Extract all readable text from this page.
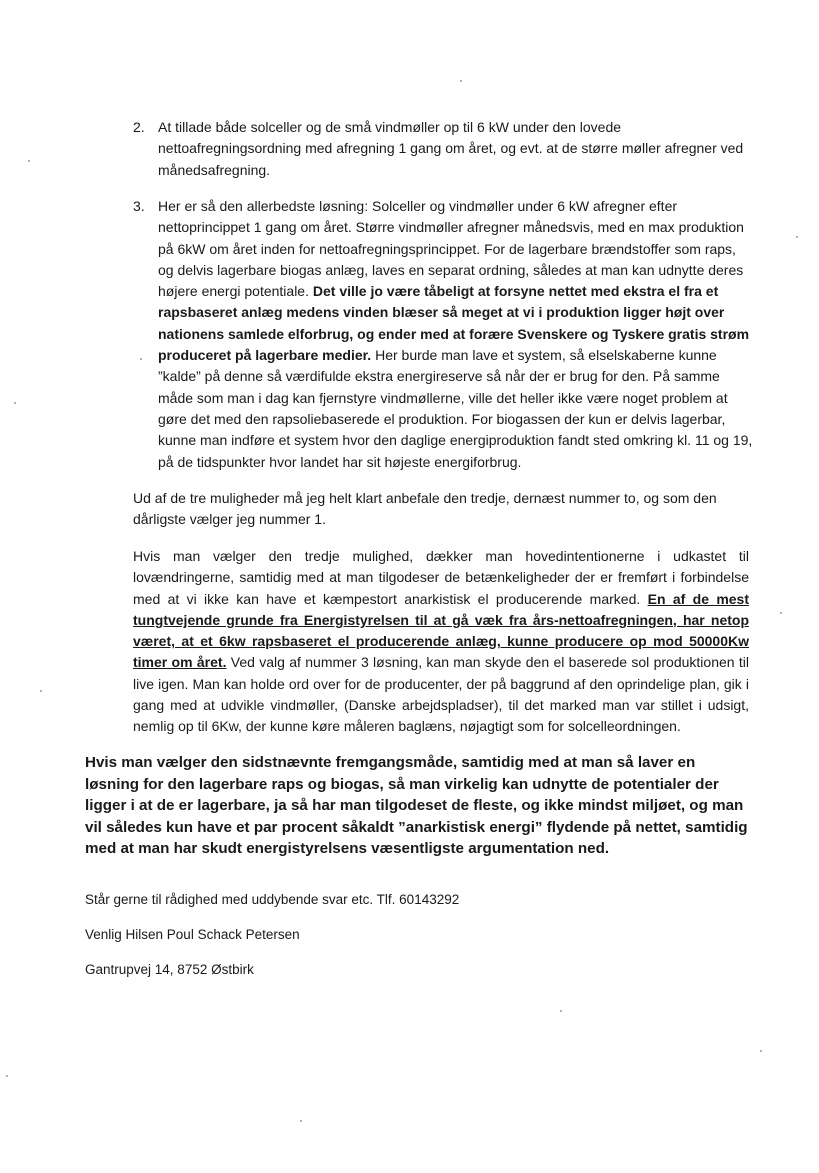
2. At tillade både solceller og de små vindmøller op til 6 kW under den lovede nettoafregningsordning med afregning 1 gang om året, og evt. at de større møller afregner ved månedsafregning.
3. Her er så den allerbedste løsning: Solceller og vindmøller under 6 kW afregner efter nettoprincippet 1 gang om året. Større vindmøller afregner månedsvis, med en max produktion på 6kW om året inden for nettoafregningsprincippet. For de lagerbare brændstoffer som raps, og delvis lagerbare biogas anlæg, laves en separat ordning, således at man kan udnytte deres højere energi potentiale. Det ville jo være tåbeligt at forsyne nettet med ekstra el fra et rapsbaseret anlæg medens vinden blæser så meget at vi i produktion ligger højt over nationens samlede elforbrug, og ender med at forære Svenskere og Tyskere gratis strøm produceret på lagerbare medier. Her burde man lave et system, så elselskaberne kunne ”kalde” på denne så værdifulde ekstra energireserve så når der er brug for den. På samme måde som man i dag kan fjernstyre vindmøllerne, ville det heller ikke være noget problem at gøre det med den rapsoliebaserede el produktion. For biogassen der kun er delvis lagerbar, kunne man indføre et system hvor den daglige energiproduktion fandt sted omkring kl. 11 og 19, på de tidspunkter hvor landet har sit højeste energiforbrug.
Ud af de tre muligheder må jeg helt klart anbefale den tredje, dernæst nummer to, og som den dårligste vælger jeg nummer 1.
Hvis man vælger den tredje mulighed, dækker man hovedintentionerne i udkastet til lovændringerne, samtidig med at man tilgodeser de betænkeligheder der er fremført i forbindelse med at vi ikke kan have et kæmpestort anarkistisk el producerende marked. En af de mest tungtvejende grunde fra Energistyrelsen til at gå væk fra års-nettoafregningen, har netop været, at et 6kw rapsbaseret el producerende anlæg, kunne producere op mod 50000Kw timer om året. Ved valg af nummer 3 løsning, kan man skyde den el baserede sol produktionen til live igen. Man kan holde ord over for de producenter, der på baggrund af den oprindelige plan, gik i gang med at udvikle vindmøller, (Danske arbejdspladser), til det marked man var stillet i udsigt, nemlig op til 6Kw, der kunne køre måleren baglæns, nøjagtigt som for solcelleordningen.
Hvis man vælger den sidstnævnte fremgangsmåde, samtidig med at man så laver en løsning for den lagerbare raps og biogas, så man virkelig kan udnytte de potentialer der ligger i at de er lagerbare, ja så har man tilgodeset de fleste, og ikke mindst miljøet, og man vil således kun have et par procent såkaldt ”anarkistisk energi” flydende på nettet, samtidig med at man har skudt energistyrelsens væsentligste argumentation ned.
Står gerne til rådighed med uddybende svar etc. Tlf. 60143292
Venlig Hilsen Poul Schack Petersen
Gantrupvej 14, 8752 Østbirk
